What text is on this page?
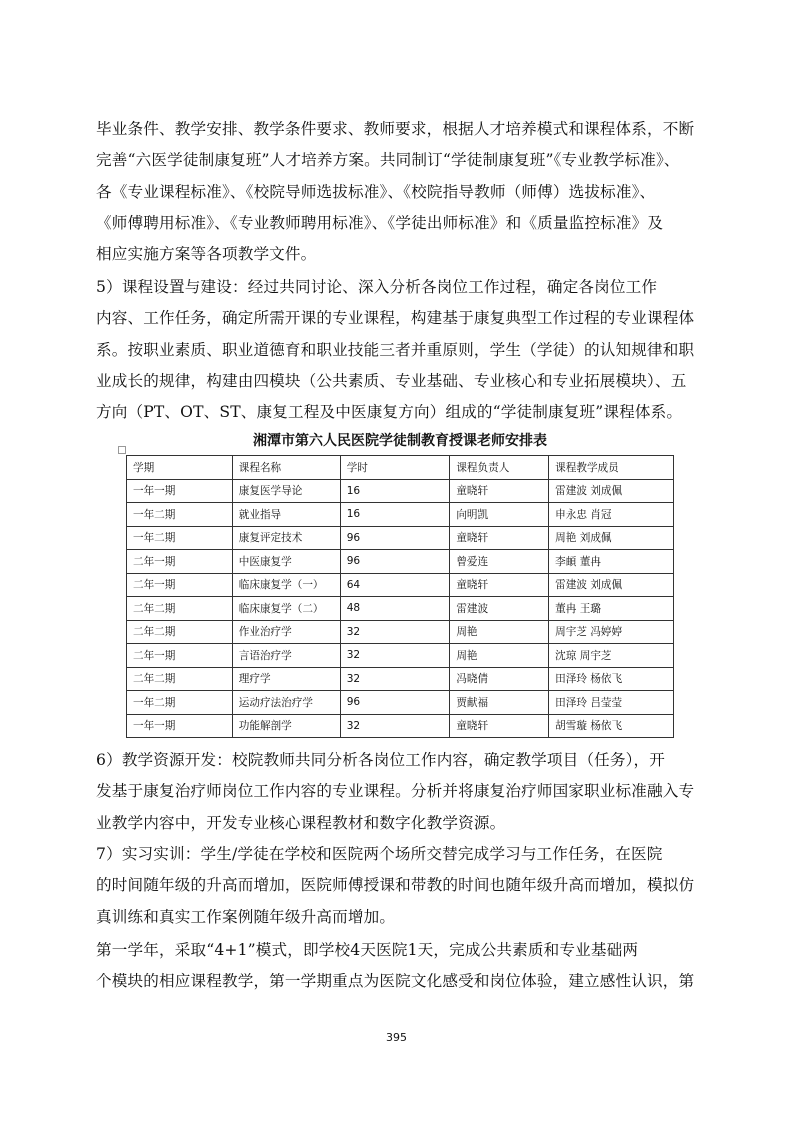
毕业条件、教学安排、教学条件要求、教师要求，根据人才培养模式和课程体系，不断
完善“六医学徒制康复班”人才培养方案。共同制订“学徒制康复班”《专业教学标准》、
各《专业课程标准》、《校院导师选拔标准》、《校院指导教师（师傅）选拔标准》、
《师傅聘用标准》、《专业教师聘用标准》、《学徒出师标准》和《质量监控标准》及
相应实施方案等各项教学文件。
5）课程设置与建设：经过共同讨论、深入分析各岗位工作过程，确定各岗位工作
内容、工作任务，确定所需开课的专业课程，构建基于康复典型工作过程的专业课程体
系。按职业素质、职业道德育和职业技能三者并重原则，学生（学徒）的认知规律和职
业成长的规律，构建由四模块（公共素质、专业基础、专业核心和专业拓展模块）、五
方向（PT、OT、ST、康复工程及中医康复方向）组成的“学徒制康复班”课程体系。
湘潭市第六人民医院学徒制教育授课老师安排表
学期	课程名称	学时	课程负责人	课程教学成员
一年一期	康复医学导论	16	童晓轩	雷建波 刘成佩
一年二期	就业指导	16	向明凯	申永忠 肖冠
一年二期	康复评定技术	96	童晓轩	周艳 刘成佩
二年一期	中医康复学	96	曾爱连	李頔 董冉
二年一期	临床康复学（一）	64	童晓轩	雷建波 刘成佩
二年二期	临床康复学（二）	48	雷建波	董冉 王璐
二年二期	作业治疗学	32	周艳	周宇芝 冯婷婷
二年一期	言语治疗学	32	周艳	沈琼 周宇芝
二年二期	理疗学	32	冯晓倩	田泽玲 杨依飞
一年二期	运动疗法治疗学	96	贾献福	田泽玲 吕莹莹
一年一期	功能解剖学	32	童晓轩	胡雪璇 杨依飞
6）教学资源开发：校院教师共同分析各岗位工作内容，确定教学项目（任务），开
发基于康复治疗师岗位工作内容的专业课程。分析并将康复治疗师国家职业标准融入专
业教学内容中，开发专业核心课程教材和数字化教学资源。
7）实习实训：学生/学徒在学校和医院两个场所交替完成学习与工作任务，在医院
的时间随年级的升高而增加，医院师傅授课和带教的时间也随年级升高而增加，模拟仿
真训练和真实工作案例随年级升高而增加。
第一学年，采取“4+1”模式，即学校4天医院1天，完成公共素质和专业基础两
个模块的相应课程教学，第一学期重点为医院文化感受和岗位体验，建立感性认识，第
395
